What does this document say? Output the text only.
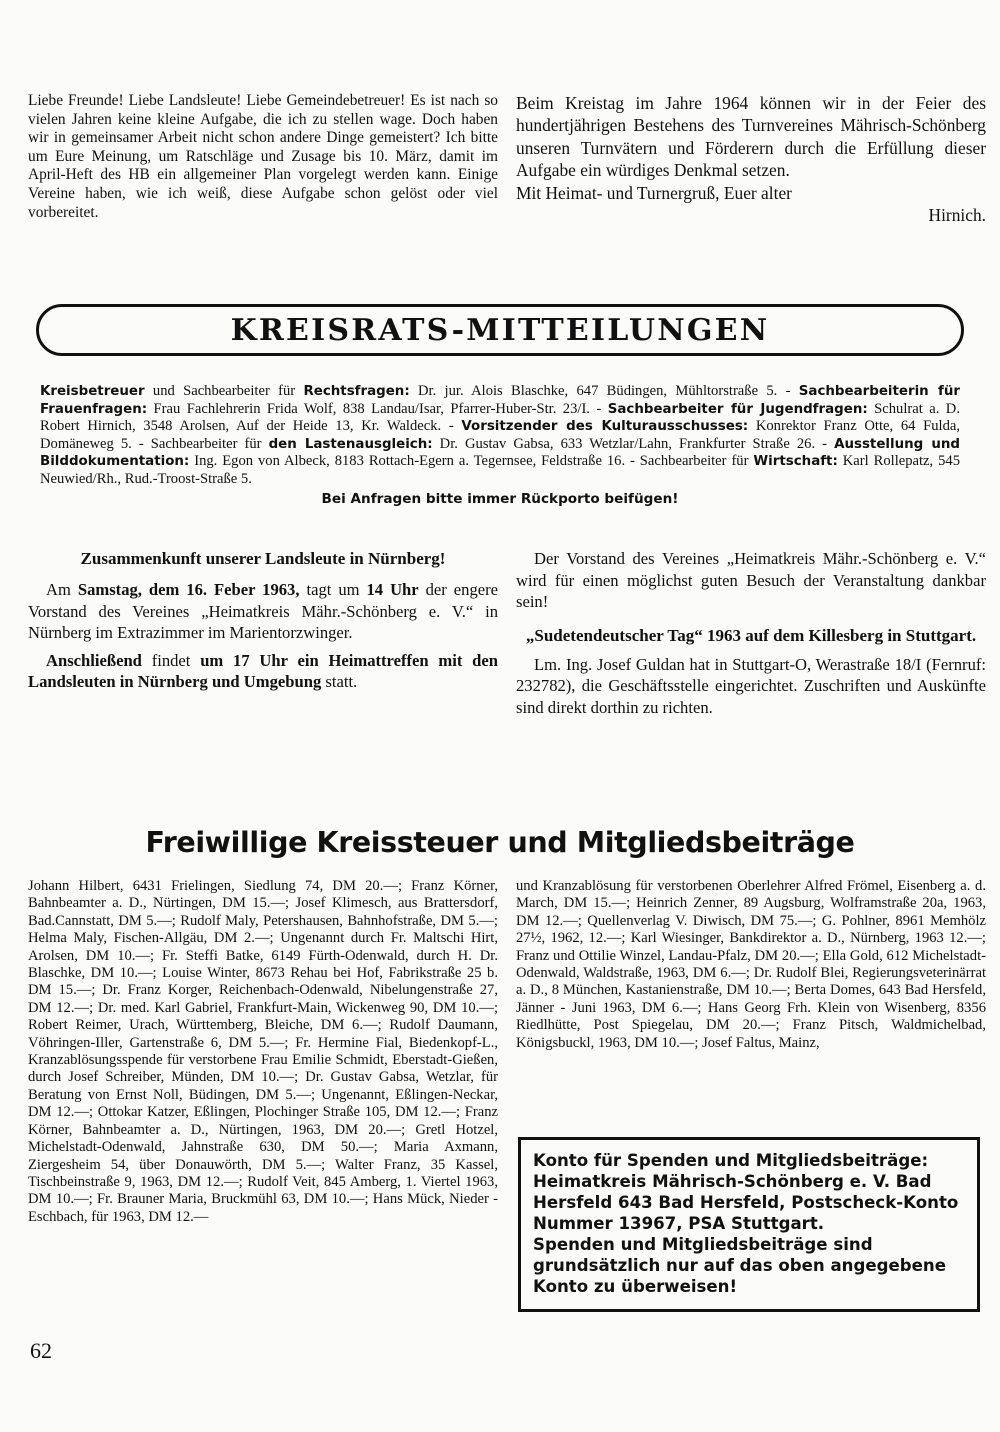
Liebe Freunde! Liebe Landsleute! Liebe Gemeindebetreuer! Es ist nach so vielen Jahren keine kleine Aufgabe, die ich zu stellen wage. Doch haben wir in gemeinsamer Arbeit nicht schon andere Dinge gemeistert? Ich bitte um Eure Meinung, um Ratschläge und Zusage bis 10. März, damit im April-Heft des HB ein allgemeiner Plan vorgelegt werden kann. Einige Vereine haben, wie ich weiß, diese Aufgabe schon gelöst oder viel vorbereitet.

Beim Kreistag im Jahre 1964 können wir in der Feier des hundertjährigen Bestehens des Turnvereines Mährisch-Schönberg unseren Turnvätern und Förderern durch die Erfüllung dieser Aufgabe ein würdiges Denkmal setzen.

Mit Heimat- und Turnergruß, Euer alter

Hirnich.

KREISRATS-MITTEILUNGEN
Kreisbetreuer und Sachbearbeiter für Rechtsfragen: Dr. jur. Alois Blaschke, 647 Büdingen, Mühltorstraße 5. - Sachbearbeiterin für Frauenfragen: Frau Fachlehrerin Frida Wolf, 838 Landau/Isar, Pfarrer-Huber-Str. 23/I. - Sachbearbeiter für Jugendfragen: Schulrat a. D. Robert Hirnich, 3548 Arolsen, Auf der Heide 13, Kr. Waldeck. - Vorsitzender des Kulturausschusses: Konrektor Franz Otte, 64 Fulda, Domäneweg 5. - Sachbearbeiter für den Lastenausgleich: Dr. Gustav Gabsa, 633 Wetzlar/Lahn, Frankfurter Straße 26. - Ausstellung und Bilddokumentation: Ing. Egon von Albeck, 8183 Rottach-Egern a. Tegernsee, Feldstraße 16. - Sachbearbeiter für Wirtschaft: Karl Rollepatz, 545 Neuwied/Rh., Rud.-Troost-Straße 5.
Bei Anfragen bitte immer Rückporto beifügen!
Zusammenkunft unserer Landsleute in Nürnberg!

Am Samstag, dem 16. Feber 1963, tagt um 14 Uhr der engere Vorstand des Vereines „Heimatkreis Mähr.-Schönberg e. V.“ in Nürnberg im Extrazimmer im Marientorzwinger.

Anschließend findet um 17 Uhr ein Heimattreffen mit den Landsleuten in Nürnberg und Umgebung statt.

Der Vorstand des Vereines „Heimatkreis Mähr.-Schönberg e. V.“ wird für einen möglichst guten Besuch der Veranstaltung dankbar sein!

„Sudetendeutscher Tag“ 1963 auf dem Killesberg in Stuttgart.

Lm. Ing. Josef Guldan hat in Stuttgart-O, Werastraße 18/I (Fernruf: 232782), die Geschäftsstelle eingerichtet. Zuschriften und Auskünfte sind direkt dorthin zu richten.

Freiwillige Kreissteuer und Mitgliedsbeiträge

Johann Hilbert, 6431 Frielingen, Siedlung 74, DM 20.—; Franz Körner, Bahnbeamter a. D., Nürtingen, DM 15.—; Josef Klimesch, aus Brattersdorf, Bad.Cannstatt, DM 5.—; Rudolf Maly, Petershausen, Bahnhofstraße, DM 5.—; Helma Maly, Fischen-Allgäu, DM 2.—; Ungenannt durch Fr. Maltschi Hirt, Arolsen, DM 10.—; Fr. Steffi Batke, 6149 Fürth-Odenwald, durch H. Dr. Blaschke, DM 10.—; Louise Winter, 8673 Rehau bei Hof, Fabrikstraße 25 b. DM 15.—; Dr. Franz Korger, Reichenbach-Odenwald, Nibelungenstraße 27, DM 12.—; Dr. med. Karl Gabriel, Frankfurt-Main, Wickenweg 90, DM 10.—; Robert Reimer, Urach, Württemberg, Bleiche, DM 6.—; Rudolf Daumann, Vöhringen-Iller, Gartenstraße 6, DM 5.—; Fr. Hermine Fial, Biedenkopf-L., Kranzablösungsspende für verstorbene Frau Emilie Schmidt, Eberstadt-Gießen, durch Josef Schreiber, Münden, DM 10.—; Dr. Gustav Gabsa, Wetzlar, für Beratung von Ernst Noll, Büdingen, DM 5.—; Ungenannt, Eßlingen-Neckar, DM 12.—; Ottokar Katzer, Eßlingen, Plochinger Straße 105, DM 12.—; Franz Körner, Bahnbeamter a. D., Nürtingen, 1963, DM 20.—; Gretl Hotzel, Michelstadt-Odenwald, Jahnstraße 630, DM 50.—; Maria Axmann, Ziergesheim 54, über Donauwörth, DM 5.—; Walter Franz, 35 Kassel, Tischbeinstraße 9, 1963, DM 12.—; Rudolf Veit, 845 Amberg, 1. Viertel 1963, DM 10.—; Fr. Brauner Maria, Bruckmühl 63, DM 10.—; Hans Mück, Nieder - Eschbach, für 1963, DM 12.—

und Kranzablösung für verstorbenen Oberlehrer Alfred Frömel, Eisenberg a. d. March, DM 15.—; Heinrich Zenner, 89 Augsburg, Wolframstraße 20a, 1963, DM 12.—; Quellenverlag V. Diwisch, DM 75.—; G. Pohlner, 8961 Memhölz 27½, 1962, 12.—; Karl Wiesinger, Bankdirektor a. D., Nürnberg, 1963 12.—; Franz und Ottilie Winzel, Landau-Pfalz, DM 20.—; Ella Gold, 612 Michelstadt-Odenwald, Waldstraße, 1963, DM 6.—; Dr. Rudolf Blei, Regierungsveterinärrat a. D., 8 München, Kastanienstraße, DM 10.—; Berta Domes, 643 Bad Hersfeld, Jänner - Juni 1963, DM 6.—; Hans Georg Frh. Klein von Wisenberg, 8356 Riedlhütte, Post Spiegelau, DM 20.—; Franz Pitsch, Waldmichelbad, Königsbuckl, 1963, DM 10.—; Josef Faltus, Mainz,

Konto für Spenden und Mitgliedsbeiträge:
Heimatkreis Mährisch-Schönberg e. V. Bad Hersfeld 643 Bad Hersfeld, Postscheck-Konto Nummer 13967, PSA Stuttgart.
Spenden und Mitgliedsbeiträge sind grundsätzlich nur auf das oben angegebene Konto zu überweisen!
62
